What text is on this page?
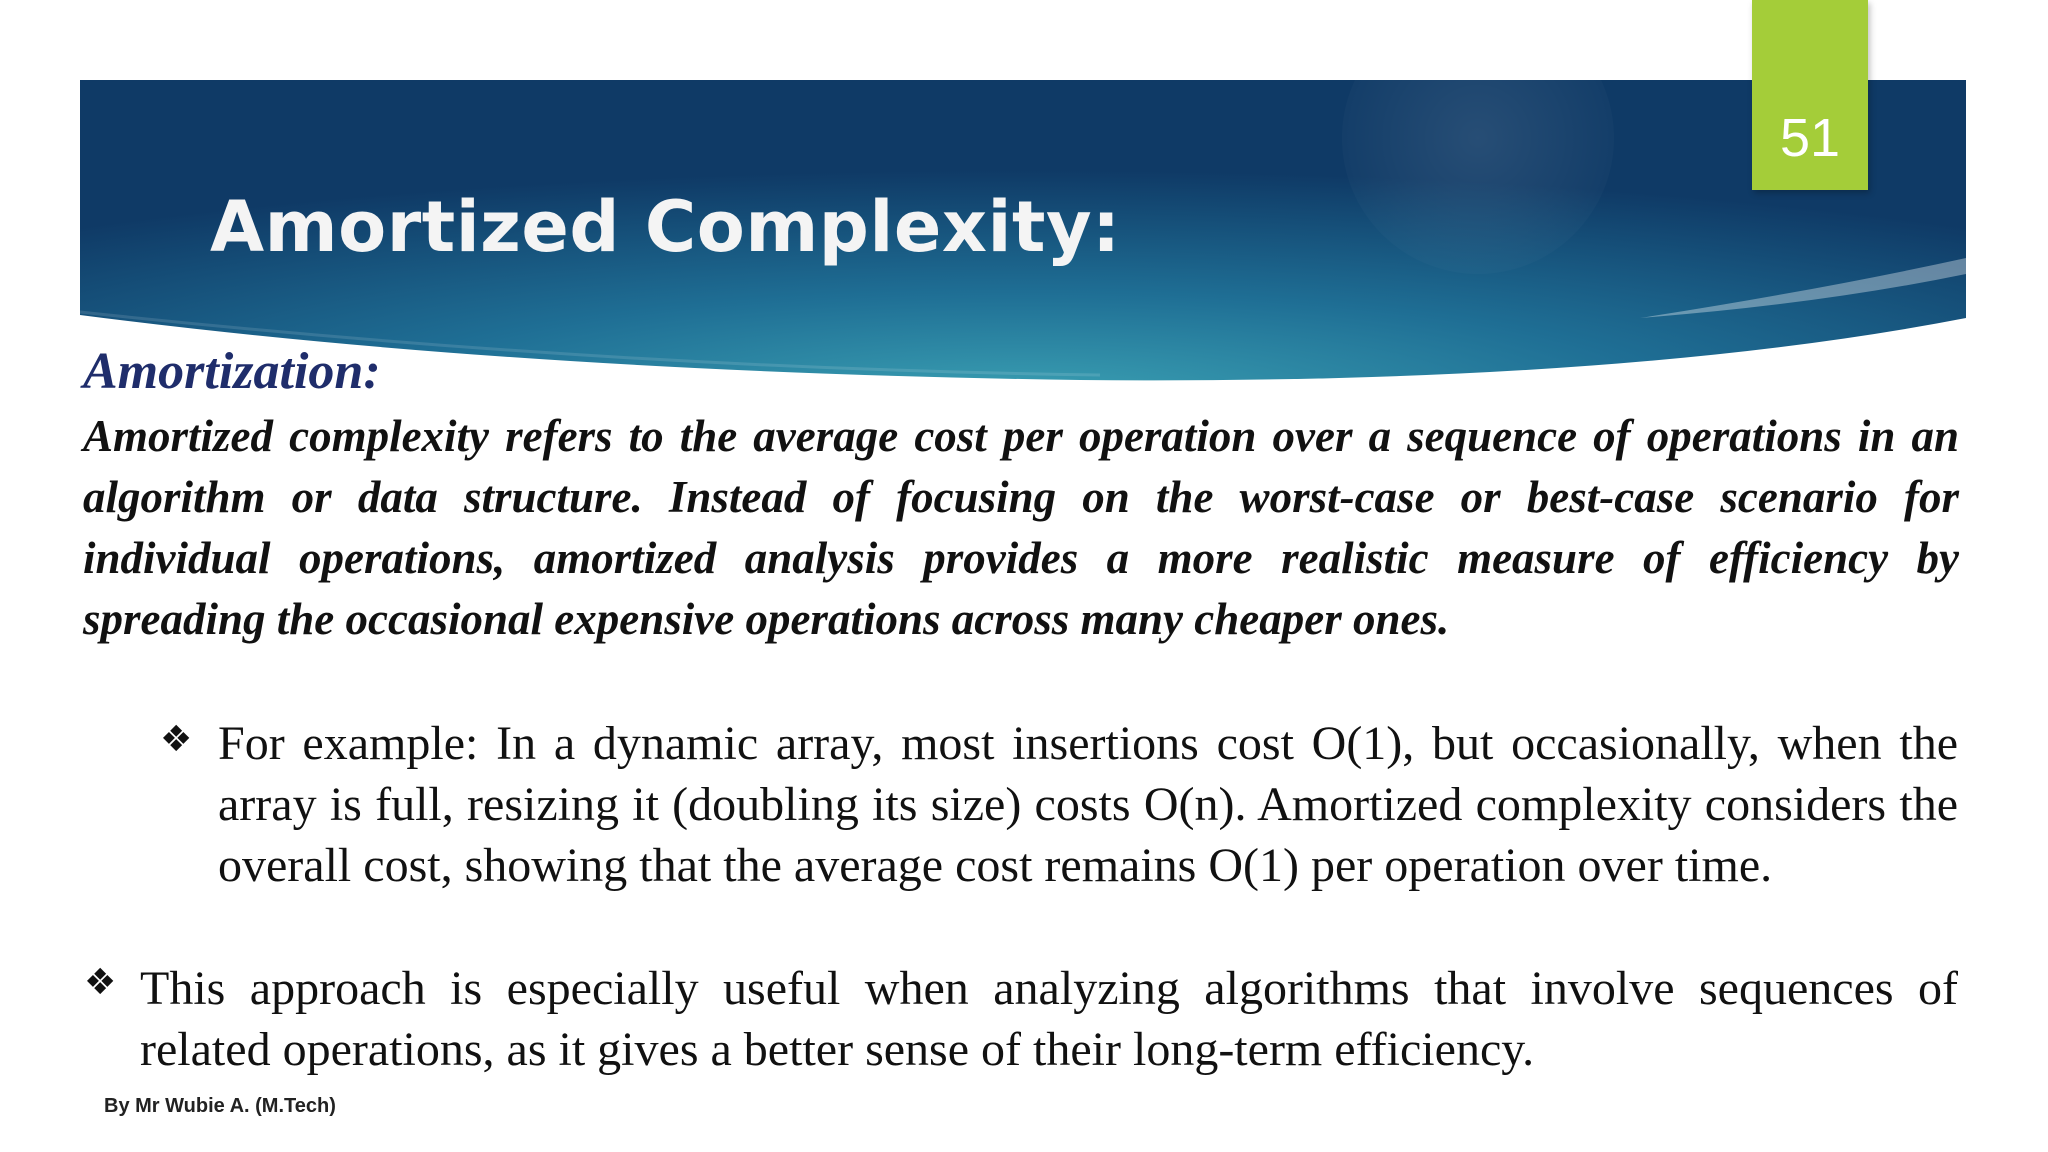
51
Amortized Complexity:
Amortization:

Amortized complexity refers to the average cost per operation over a sequence of operations in an algorithm or data structure. Instead of focusing on the worst-case or best-case scenario for individual operations, amortized analysis provides a more realistic measure of efficiency by spreading the occasional expensive operations across many cheaper ones.

❖ For example: In a dynamic array, most insertions cost O(1), but occasionally, when the array is full, resizing it (doubling its size) costs O(n). Amortized complexity considers the overall cost, showing that the average cost remains O(1) per operation over time.

❖ This approach is especially useful when analyzing algorithms that involve sequences of related operations, as it gives a better sense of their long-term efficiency.

By Mr Wubie A. (M.Tech)
